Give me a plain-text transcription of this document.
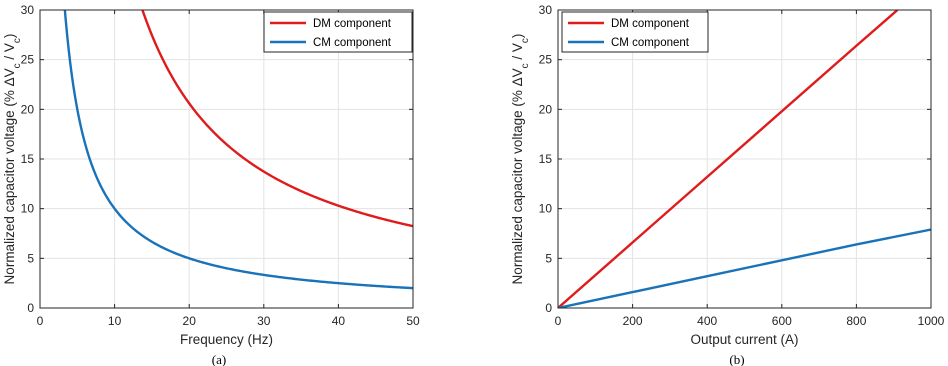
0	10	20	30	40	50
0
5
10
15
20
25
30
Frequency (Hz)
Normalized capacitor voltage (% $\Delta V_c / V_c$)
(a)
DM component
CM component
0	200	400	600	800	1000
0
5
10
15
20
25
30
Output current (A)
Normalized capacitor voltage (% $\Delta V_c / V_c$)
(b)
DM component
CM component
